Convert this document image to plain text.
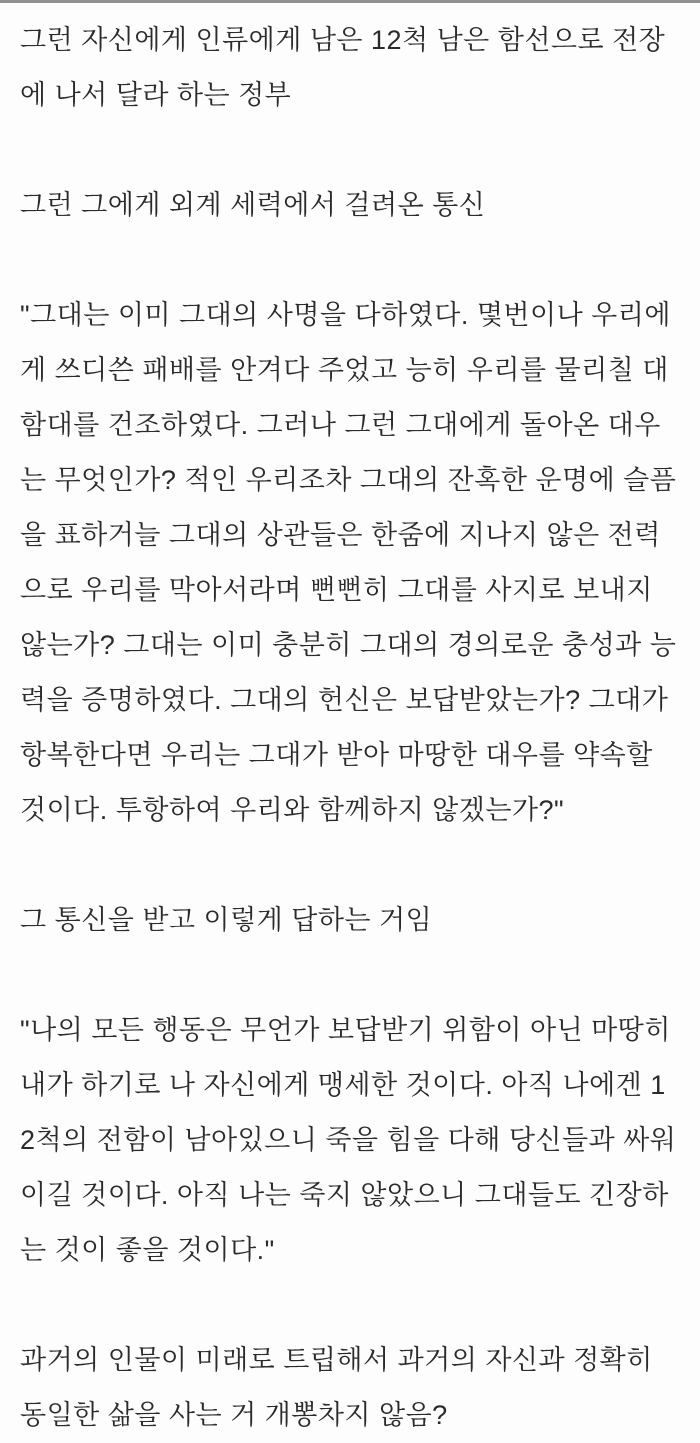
그런 자신에게 인류에게 남은 12척 남은 함선으로 전장에 나서 달라 하는 정부

그런 그에게 외계 세력에서 걸려온 통신

"그대는 이미 그대의 사명을 다하였다. 몇번이나 우리에게 쓰디쓴 패배를 안겨다 주었고 능히 우리를 물리칠 대함대를 건조하였다. 그러나 그런 그대에게 돌아온 대우는 무엇인가? 적인 우리조차 그대의 잔혹한 운명에 슬픔을 표하거늘 그대의 상관들은 한줌에 지나지 않은 전력으로 우리를 막아서라며 뻔뻔히 그대를 사지로 보내지 않는가? 그대는 이미 충분히 그대의 경의로운 충성과 능력을 증명하였다. 그대의 헌신은 보답받았는가? 그대가 항복한다면 우리는 그대가 받아 마땅한 대우를 약속할 것이다. 투항하여 우리와 함께하지 않겠는가?"

그 통신을 받고 이렇게 답하는 거임

"나의 모든 행동은 무언가 보답받기 위함이 아닌 마땅히 내가 하기로 나 자신에게 맹세한 것이다. 아직 나에겐 12척의 전함이 남아있으니 죽을 힘을 다해 당신들과 싸워 이길 것이다. 아직 나는 죽지 않았으니 그대들도 긴장하는 것이 좋을 것이다."

과거의 인물이 미래로 트립해서 과거의 자신과 정확히 동일한 삶을 사는 거 개뽕차지 않음?
